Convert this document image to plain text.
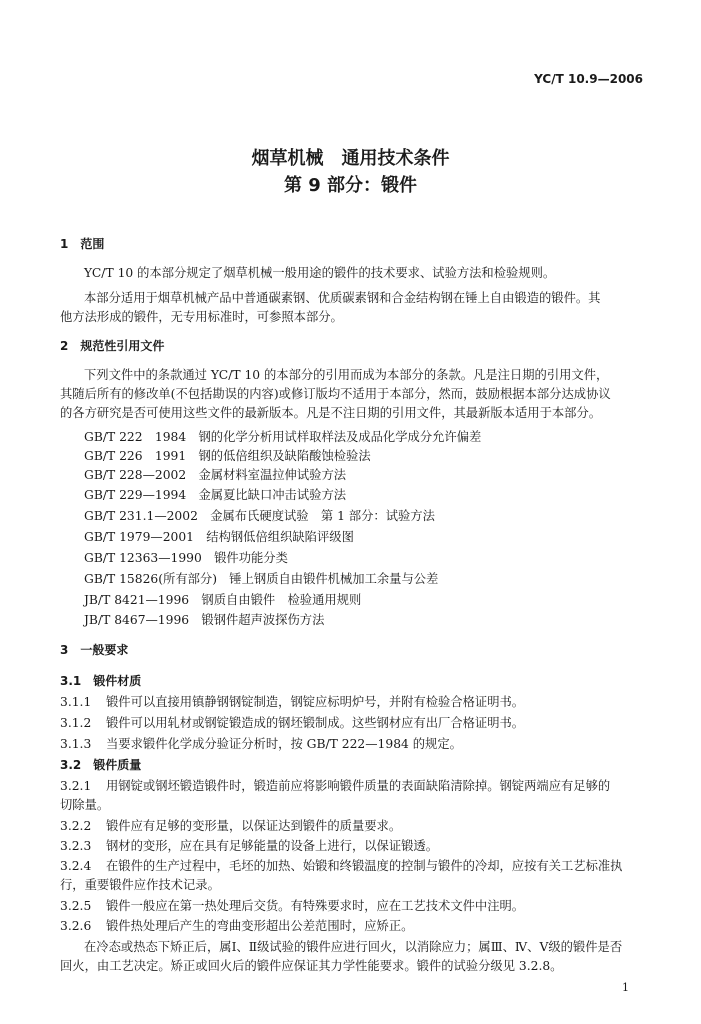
YC/T 10.9—2006
烟草机械　通用技术条件
第 9 部分：锻件
1　范围
YC/T 10 的本部分规定了烟草机械一般用途的锻件的技术要求、试验方法和检验规则。
本部分适用于烟草机械产品中普通碳素钢、优质碳素钢和合金结构钢在锤上自由锻造的锻件。其
他方法形成的锻件，无专用标准时，可参照本部分。
2　规范性引用文件
下列文件中的条款通过 YC/T 10 的本部分的引用而成为本部分的条款。凡是注日期的引用文件，
其随后所有的修改单(不包括勘误的内容)或修订版均不适用于本部分，然而，鼓励根据本部分达成协议
的各方研究是否可使用这些文件的最新版本。凡是不注日期的引用文件，其最新版本适用于本部分。
GB/T 222　1984　钢的化学分析用试样取样法及成品化学成分允许偏差
GB/T 226　1991　钢的低倍组织及缺陷酸蚀检验法
GB/T 228—2002　金属材料室温拉伸试验方法
GB/T 229—1994　金属夏比缺口冲击试验方法
GB/T 231.1—2002　金属布氏硬度试验　第 1 部分：试验方法
GB/T 1979—2001　结构钢低倍组织缺陷评级图
GB/T 12363—1990　锻件功能分类
GB/T 15826(所有部分)　锤上钢质自由锻件机械加工余量与公差
JB/T 8421—1996　钢质自由锻件　检验通用规则
JB/T 8467—1996　锻钢件超声波探伤方法
3　一般要求
3.1　锻件材质
3.1.1 锻件可以直接用镇静钢钢锭制造，钢锭应标明炉号，并附有检验合格证明书。
3.1.2 锻件可以用轧材或钢锭锻造成的钢坯锻制成。这些钢材应有出厂合格证明书。
3.1.3 当要求锻件化学成分验证分析时，按 GB/T 222—1984 的规定。
3.2　锻件质量
3.2.1 用钢锭或钢坯锻造锻件时，锻造前应将影响锻件质量的表面缺陷清除掉。钢锭两端应有足够的
切除量。
3.2.2 锻件应有足够的变形量，以保证达到锻件的质量要求。
3.2.3 钢材的变形，应在具有足够能量的设备上进行，以保证锻透。
3.2.4 在锻件的生产过程中，毛坯的加热、始锻和终锻温度的控制与锻件的冷却，应按有关工艺标准执
行，重要锻件应作技术记录。
3.2.5 锻件一般应在第一热处理后交货。有特殊要求时，应在工艺技术文件中注明。
3.2.6 锻件热处理后产生的弯曲变形超出公差范围时，应矫正。
在冷态或热态下矫正后，属Ⅰ、Ⅱ级试验的锻件应进行回火，以消除应力；属Ⅲ、Ⅳ、Ⅴ级的锻件是否
回火，由工艺决定。矫正或回火后的锻件应保证其力学性能要求。锻件的试验分级见 3.2.8。
1
